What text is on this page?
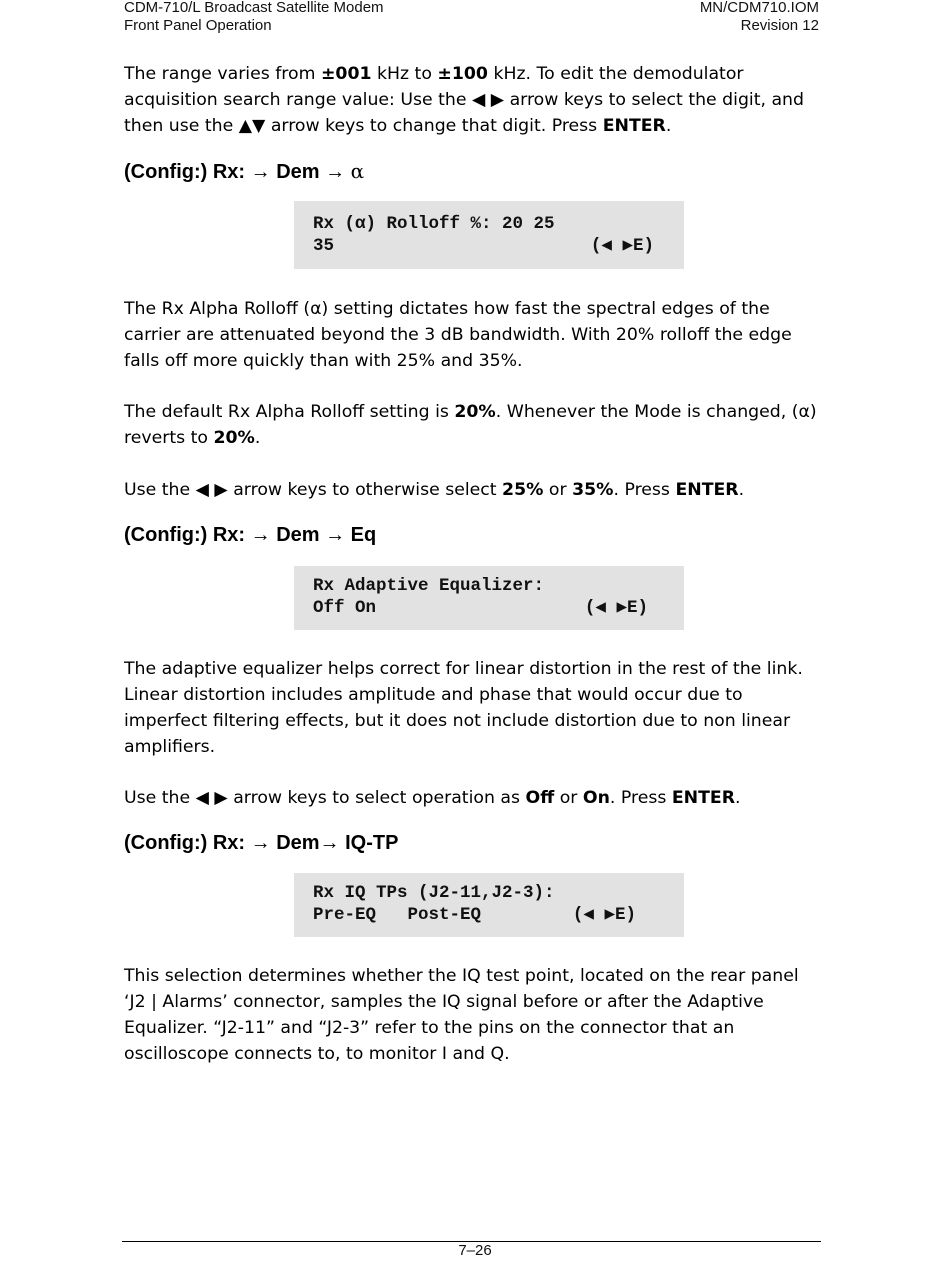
CDM-710/L Broadcast Satellite Modem
Front Panel Operation
MN/CDM710.IOM
Revision 12

The range varies from ±001 kHz to ±100 kHz. To edit the demodulator acquisition search range value: Use the ◀ ▶ arrow keys to select the digit, and then use the ▲▼ arrow keys to change that digit. Press ENTER.

(Config:) Rx: → Dem → α
Rx (α) Rolloff %: 20 25
35	(◀ ▶E)

The Rx Alpha Rolloff (α) setting dictates how fast the spectral edges of the carrier are attenuated beyond the 3 dB bandwidth. With 20% rolloff the edge falls off more quickly than with 25% and 35%.

The default Rx Alpha Rolloff setting is 20%. Whenever the Mode is changed, (α) reverts to 20%.

Use the ◀ ▶ arrow keys to otherwise select 25% or 35%. Press ENTER.

(Config:) Rx: → Dem → Eq
Rx Adaptive Equalizer:
Off On	(◀ ▶E)

The adaptive equalizer helps correct for linear distortion in the rest of the link. Linear distortion includes amplitude and phase that would occur due to imperfect filtering effects, but it does not include distortion due to non linear amplifiers.

Use the ◀ ▶ arrow keys to select operation as Off or On. Press ENTER.

(Config:) Rx: → Dem→ IQ-TP
Rx IQ TPs (J2-11,J2-3):
Pre-EQ   Post-EQ	(◀ ▶E)

This selection determines whether the IQ test point, located on the rear panel ‘J2 | Alarms’ connector, samples the IQ signal before or after the Adaptive Equalizer. “J2-11” and “J2-3” refer to the pins on the connector that an oscilloscope connects to, to monitor I and Q.

7–26
